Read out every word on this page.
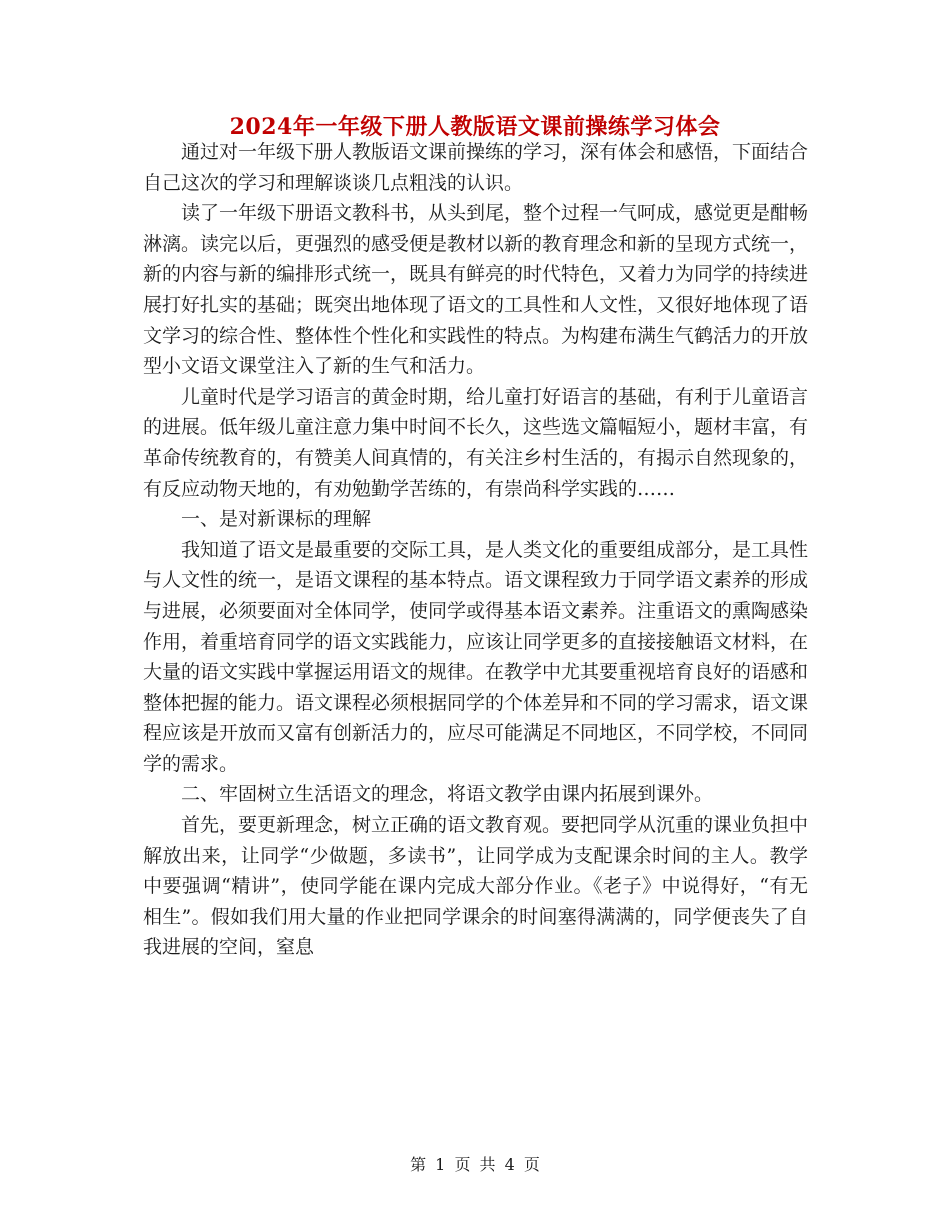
2024年一年级下册人教版语文课前操练学习体会

通过对一年级下册人教版语文课前操练的学习，深有体会和感悟，下面结合自己这次的学习和理解谈谈几点粗浅的认识。

读了一年级下册语文教科书，从头到尾，整个过程一气呵成，感觉更是酣畅淋漓。读完以后，更强烈的感受便是教材以新的教育理念和新的呈现方式统一，新的内容与新的编排形式统一，既具有鲜亮的时代特色，又着力为同学的持续进展打好扎实的基础；既突出地体现了语文的工具性和人文性，又很好地体现了语文学习的综合性、整体性个性化和实践性的特点。为构建布满生气鹤活力的开放型小文语文课堂注入了新的生气和活力。

儿童时代是学习语言的黄金时期，给儿童打好语言的基础，有利于儿童语言的进展。低年级儿童注意力集中时间不长久，这些选文篇幅短小，题材丰富，有革命传统教育的，有赞美人间真情的，有关注乡村生活的，有揭示自然现象的，有反应动物天地的，有劝勉勤学苦练的，有崇尚科学实践的……

一、是对新课标的理解

我知道了语文是最重要的交际工具，是人类文化的重要组成部分，是工具性与人文性的统一，是语文课程的基本特点。语文课程致力于同学语文素养的形成与进展，必须要面对全体同学，使同学或得基本语文素养。注重语文的熏陶感染作用，着重培育同学的语文实践能力，应该让同学更多的直接接触语文材料，在大量的语文实践中掌握运用语文的规律。在教学中尤其要重视培育良好的语感和整体把握的能力。语文课程必须根据同学的个体差异和不同的学习需求，语文课程应该是开放而又富有创新活力的，应尽可能满足不同地区，不同学校，不同同学的需求。

二、牢固树立生活语文的理念，将语文教学由课内拓展到课外。

首先，要更新理念，树立正确的语文教育观。要把同学从沉重的课业负担中解放出来，让同学“少做题，多读书”，让同学成为支配课余时间的主人。教学中要强调“精讲”，使同学能在课内完成大部分作业。《老子》中说得好，“有无相生”。假如我们用大量的作业把同学课余的时间塞得满满的，同学便丧失了自我进展的空间，窒息

第 1 页 共 4 页
